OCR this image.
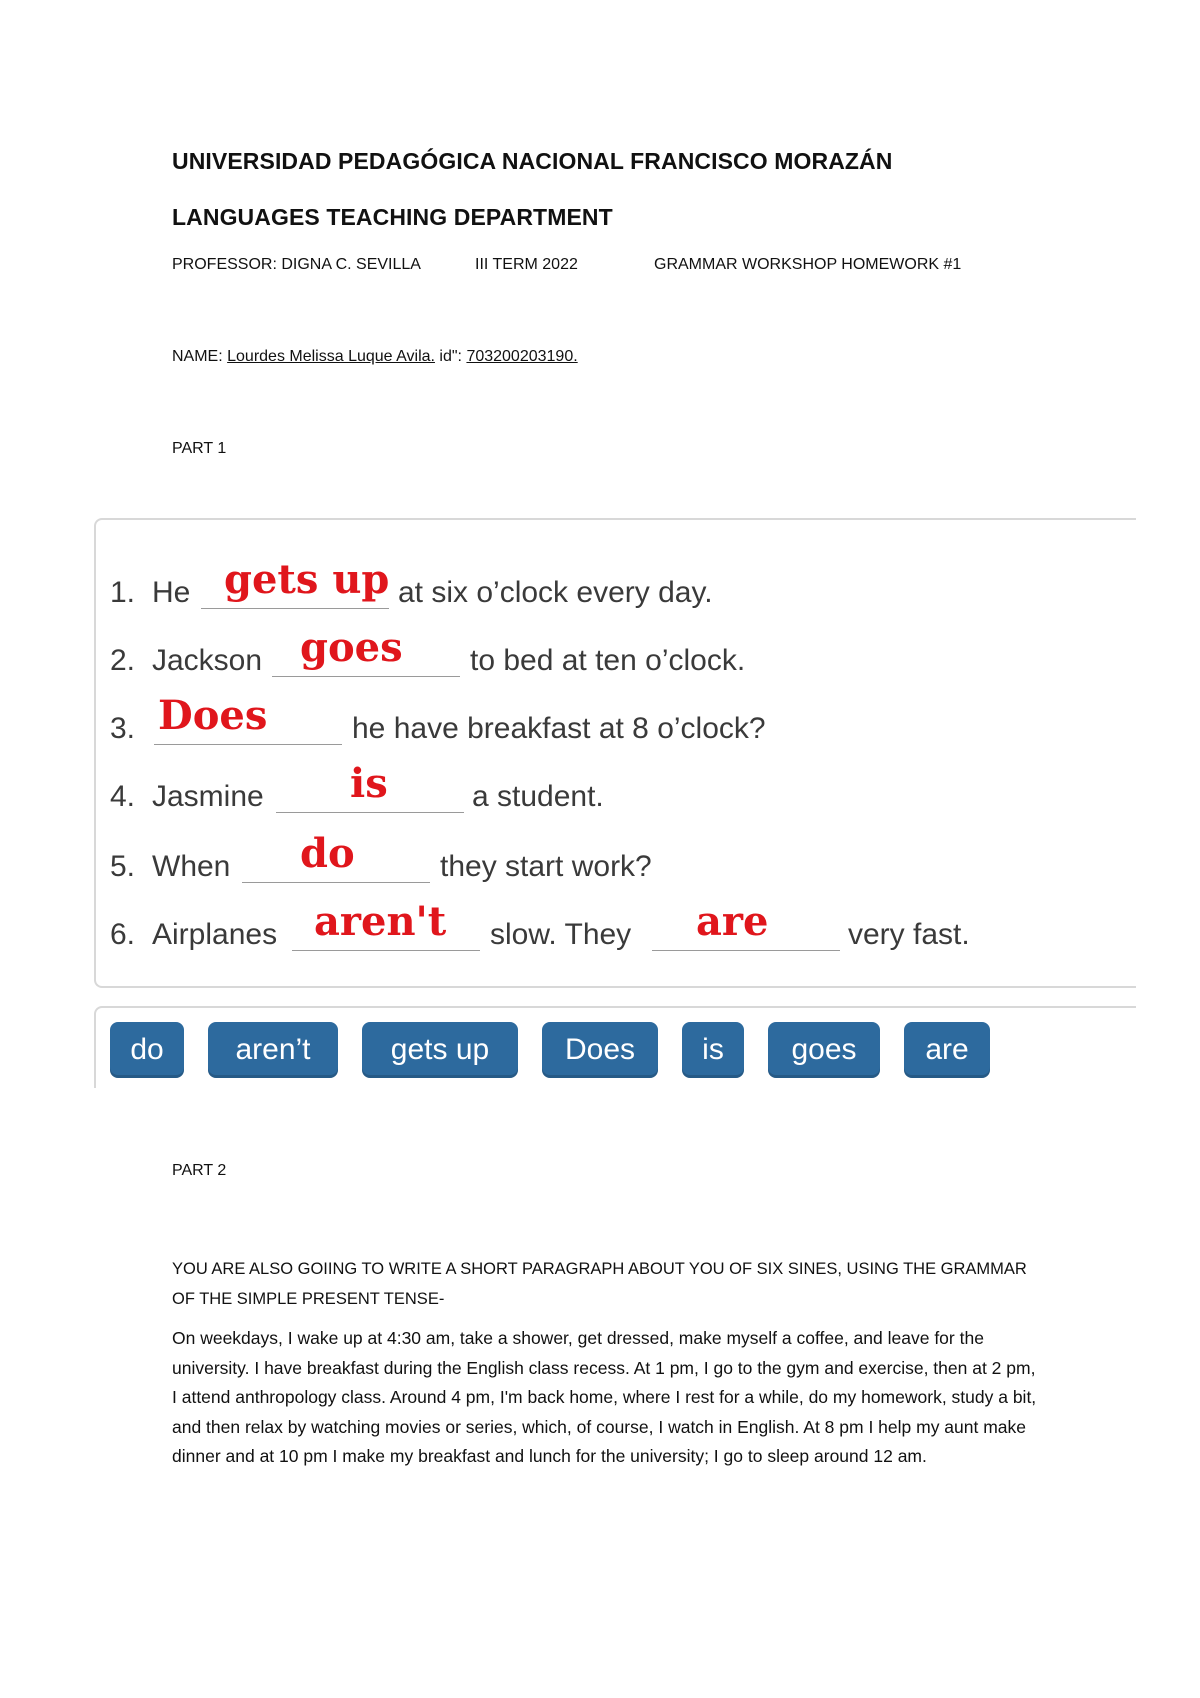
UNIVERSIDAD PEDAGÓGICA NACIONAL FRANCISCO MORAZÁN
LANGUAGES TEACHING DEPARTMENT
PROFESSOR: DIGNA C. SEVILLA	III TERM 2022	GRAMMAR WORKSHOP HOMEWORK #1
NAME: Lourdes Melissa Luque Avila. id": 703200203190.
PART 1
1. He gets up at six o’clock every day.
2. Jackson goes to bed at ten o’clock.
3. Does	he have breakfast at 8 o’clock?
4. Jasmine is	a student.
5. When do	they start work?
6. Airplanes aren't slow. They are	very fast.
do	aren’t	gets up	Does	is	goes	are
PART 2
YOU ARE ALSO GOIING TO WRITE A SHORT PARAGRAPH ABOUT YOU OF SIX SINES, USING THE GRAMMAR OF THE SIMPLE PRESENT TENSE-
On weekdays, I wake up at 4:30 am, take a shower, get dressed, make myself a coffee, and leave for the university. I have breakfast during the English class recess. At 1 pm, I go to the gym and exercise, then at 2 pm, I attend anthropology class. Around 4 pm, I'm back home, where I rest for a while, do my homework, study a bit, and then relax by watching movies or series, which, of course, I watch in English. At 8 pm I help my aunt make dinner and at 10 pm I make my breakfast and lunch for the university; I go to sleep around 12 am.
